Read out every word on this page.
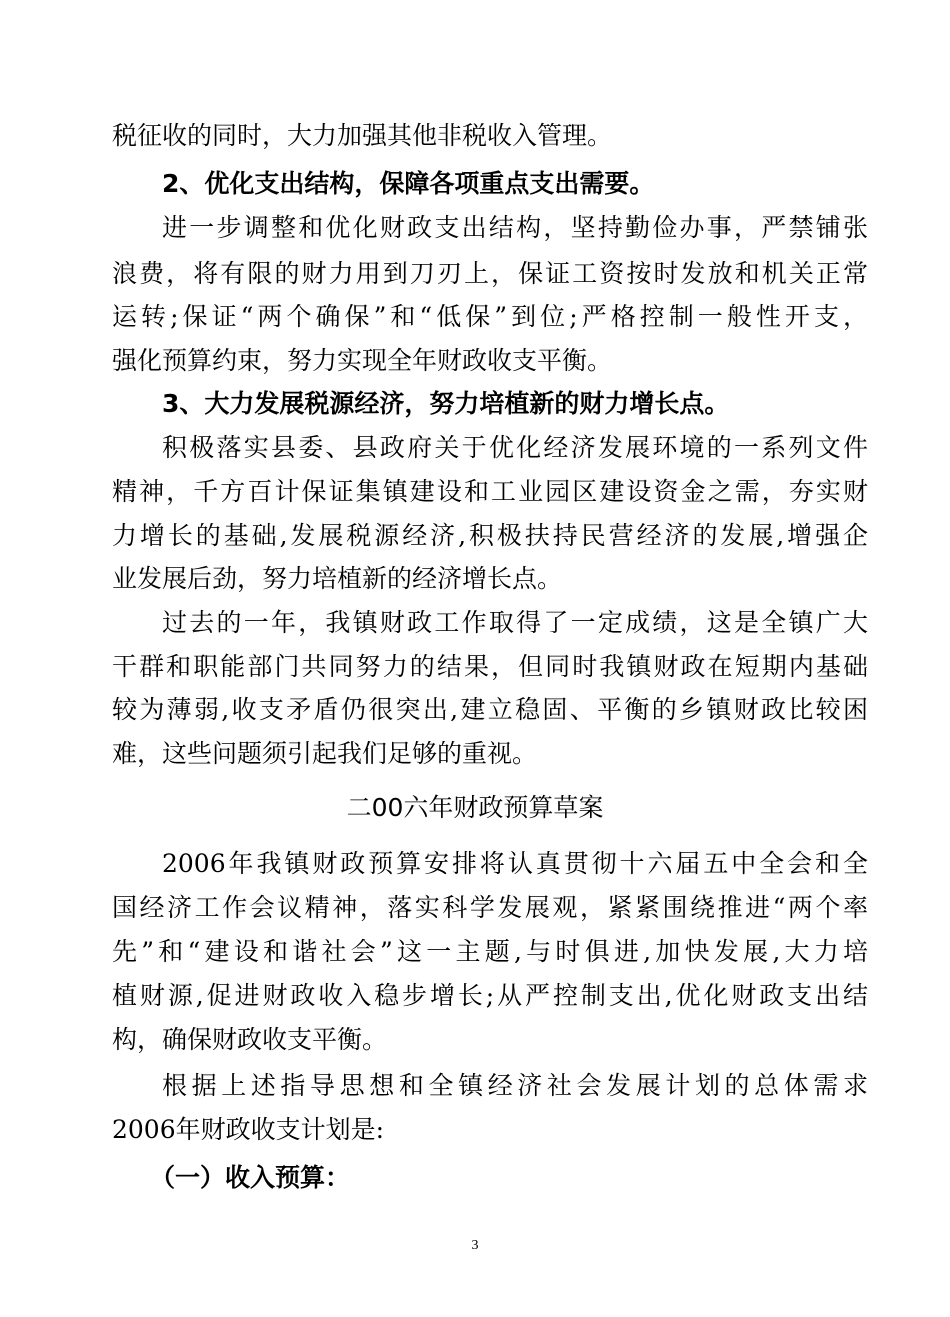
税征收的同时，大力加强其他非税收入管理。
2、优化支出结构，保障各项重点支出需要。
进一步调整和优化财政支出结构，坚持勤俭办事，严禁铺张
浪费，将有限的财力用到刀刃上，保证工资按时发放和机关正常
运转;保证“两个确保”和“低保”到位;严格控制一般性开支，
强化预算约束，努力实现全年财政收支平衡。
3、大力发展税源经济，努力培植新的财力增长点。
积极落实县委、县政府关于优化经济发展环境的一系列文件
精神，千方百计保证集镇建设和工业园区建设资金之需，夯实财
力增长的基础,发展税源经济,积极扶持民营经济的发展,增强企
业发展后劲，努力培植新的经济增长点。
过去的一年，我镇财政工作取得了一定成绩，这是全镇广大
干群和职能部门共同努力的结果，但同时我镇财政在短期内基础
较为薄弱,收支矛盾仍很突出,建立稳固、平衡的乡镇财政比较困
难，这些问题须引起我们足够的重视。
二00六年财政预算草案
2006年我镇财政预算安排将认真贯彻十六届五中全会和全
国经济工作会议精神，落实科学发展观，紧紧围绕推进“两个率
先”和“建设和谐社会”这一主题,与时俱进,加快发展,大力培
植财源,促进财政收入稳步增长;从严控制支出,优化财政支出结
构，确保财政收支平衡。
根据上述指导思想和全镇经济社会发展计划的总体需求
2006年财政收支计划是:
（一）收入预算：
3
